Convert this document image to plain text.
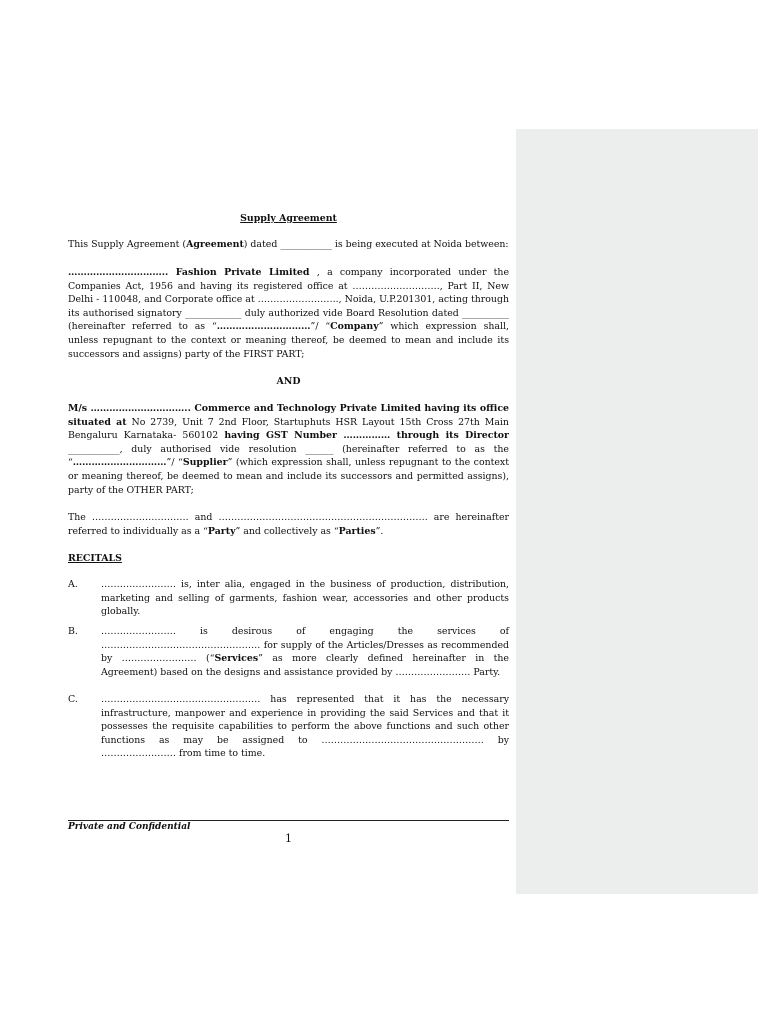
Supply Agreement
This Supply Agreement (Agreement) dated ___________ is being executed at Noida between:
………………………….. Fashion Private Limited , a company incorporated under the Companies Act, 1956 and having its registered office at ………………………., Part II, New Delhi - 110048, and Corporate office at …………………….., Noida, U.P.201301, acting through its authorised signatory ____________ duly authorized vide Board Resolution dated __________ (hereinafter referred to as “…………………………”/ “Company” which expression shall, unless repugnant to the context or meaning thereof, be deemed to mean and include its successors and assigns) party of the FIRST PART;
AND
M/s ………………………….. Commerce and Technology Private Limited having its office situated at No 2739, Unit 7 2nd Floor, Startuphuts HSR Layout 15th Cross 27th Main Bengaluru Karnataka- 560102 having GST Number …………… through its Director ___________, duly authorised vide resolution ______ (hereinafter referred to as the “…………………………”/ “Supplier” (which expression shall, unless repugnant to the context or meaning thereof, be deemed to mean and include its successors and permitted assigns), party of the OTHER PART;
The …………………………. and …………………………………………………………. are hereinafter referred to individually as a “Party” and collectively as “Parties”.
RECITALS
A. …………………… is, inter alia, engaged in the business of production, distribution, marketing and selling of garments, fashion wear, accessories and other products globally.
B. …………………… is desirous of engaging the services of …………………………………………… for supply of the Articles/Dresses as recommended by …………………… (“Services” as more clearly defined hereinafter in the Agreement) based on the designs and assistance provided by …………………… Party.
C. …………………………………………… has represented that it has the necessary infrastructure, manpower and experience in providing the said Services and that it possesses the requisite capabilities to perform the above functions and such other functions as may be assigned to ……………………………………………. by …………………… from time to time.
Private and Confidential
1
